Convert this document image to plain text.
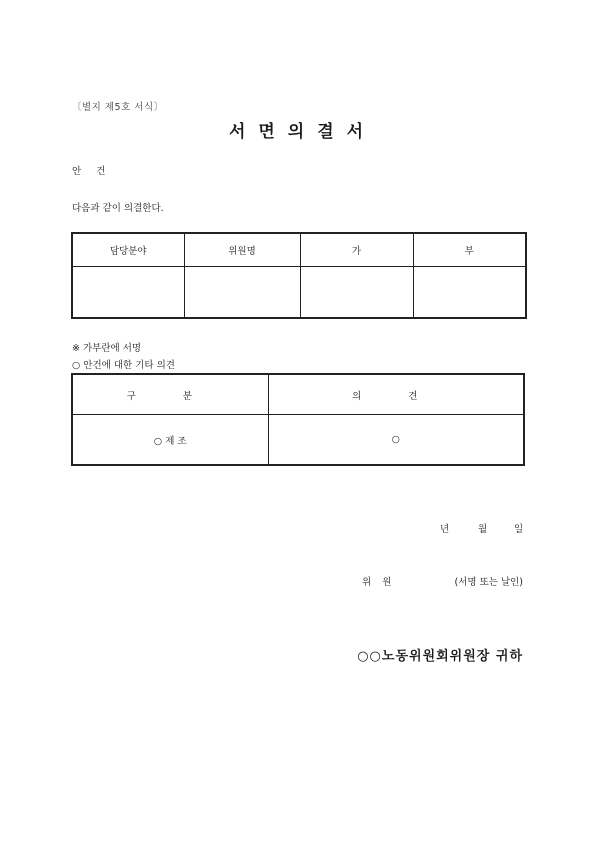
〔별지 제5호 서식〕
서면의결서
안 건
다음과 같이 의결한다.
담당분야	위원명	가	부

※ 가부란에 서명
○ 안건에 대한 기타 의견
구 분	의 견
○ 제 조	○
년	월	일
위 원	(서명 또는 날인)
○○노동위원회위원장 귀하
